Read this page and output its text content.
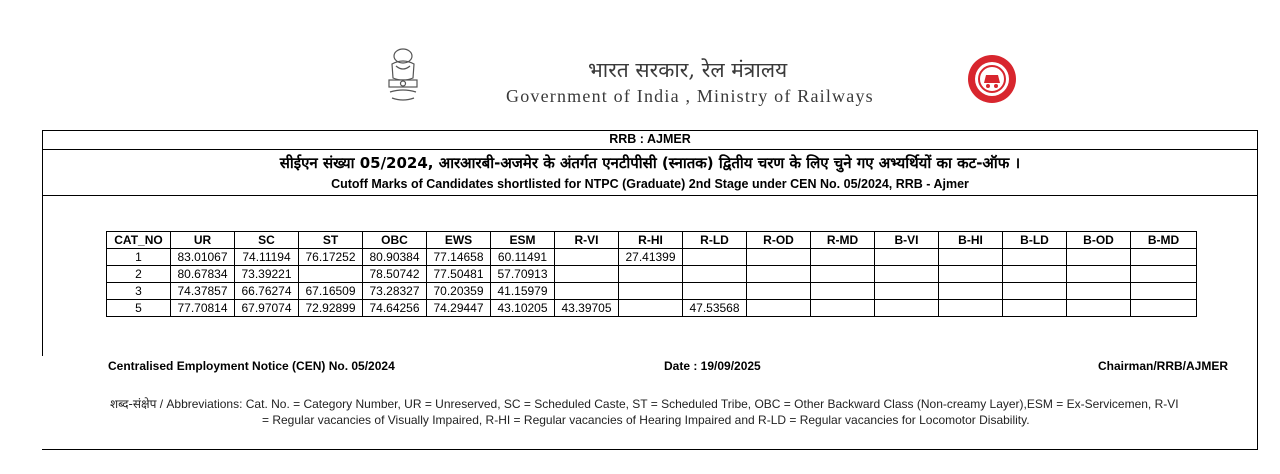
भारत सरकार, रेल मंत्रालय
Government of India , Ministry of Railways
RRB : AJMER
सीईएन संख्या 05/2024, आरआरबी-अजमेर के अंतर्गत एनटीपीसी (स्नातक) द्वितीय चरण के लिए चुने गए अभ्यर्थियों का कट-ऑफ ।
Cutoff Marks of Candidates shortlisted for NTPC (Graduate) 2nd Stage under CEN No. 05/2024, RRB - Ajmer
CAT_NO	UR	SC	ST	OBC	EWS	ESM	R-VI	R-HI	R-LD	R-OD	R-MD	B-VI	B-HI	B-LD	B-OD	B-MD
1	83.01067	74.11194	76.17252	80.90384	77.14658	60.11491		27.41399								
2	80.67834	73.39221		78.50742	77.50481	57.70913										
3	74.37857	66.76274	67.16509	73.28327	70.20359	41.15979										
5	77.70814	67.97074	72.92899	74.64256	74.29447	43.10205	43.39705		47.53568							
Centralised Employment Notice (CEN) No. 05/2024	Date : 19/09/2025	Chairman/RRB/AJMER
शब्द-संक्षेप / Abbreviations: Cat. No. = Category Number, UR = Unreserved, SC = Scheduled Caste, ST = Scheduled Tribe, OBC = Other Backward Class (Non-creamy Layer),ESM = Ex-Servicemen, R-VI
= Regular vacancies of Visually Impaired, R-HI = Regular vacancies of Hearing Impaired and R-LD = Regular vacancies for Locomotor Disability.
